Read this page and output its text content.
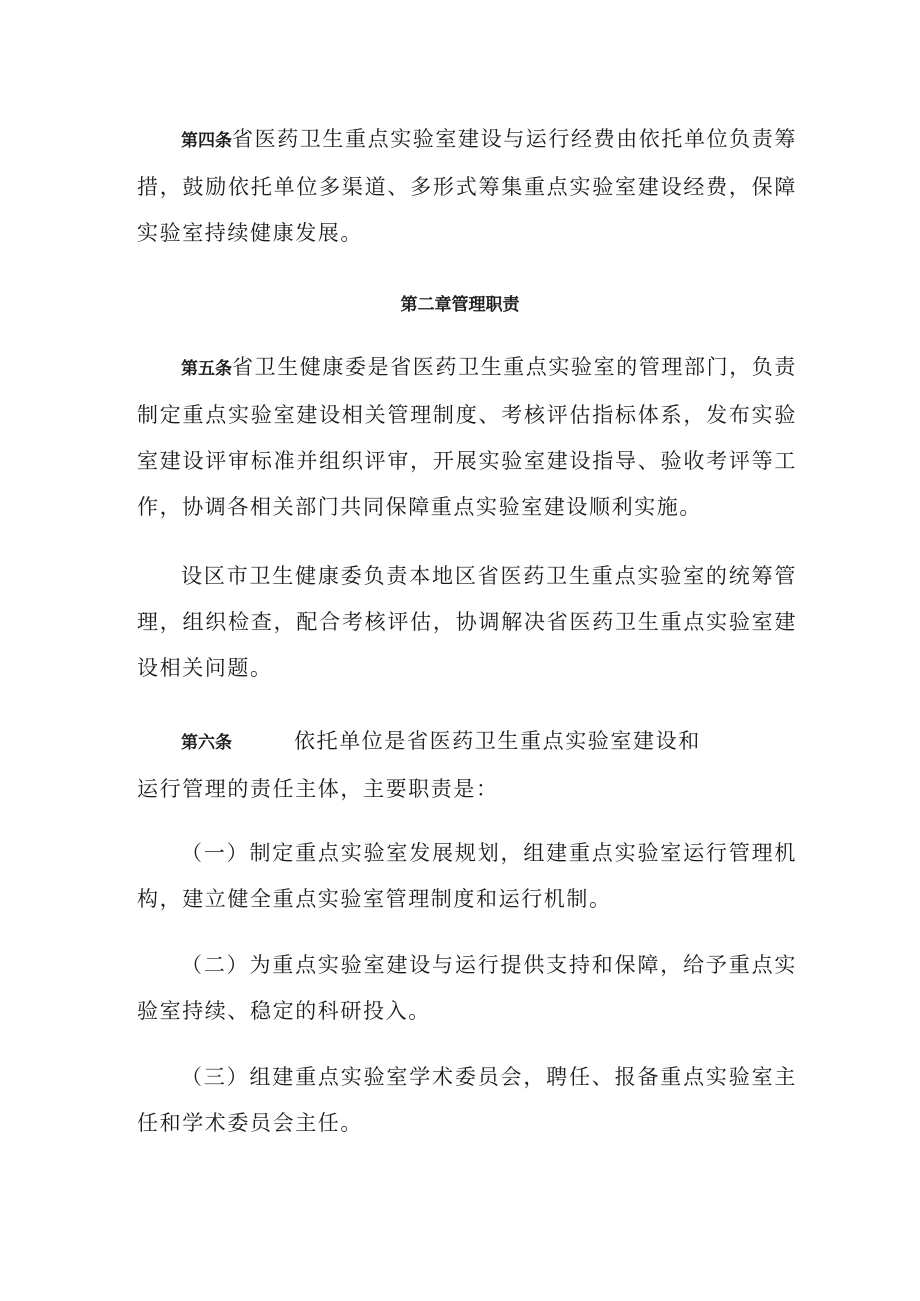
第四条省医药卫生重点实验室建设与运行经费由依托单位负责筹措，鼓励依托单位多渠道、多形式筹集重点实验室建设经费，保障实验室持续健康发展。

第二章管理职责

第五条省卫生健康委是省医药卫生重点实验室的管理部门，负责制定重点实验室建设相关管理制度、考核评估指标体系，发布实验室建设评审标准并组织评审，开展实验室建设指导、验收考评等工作，协调各相关部门共同保障重点实验室建设顺利实施。

设区市卫生健康委负责本地区省医药卫生重点实验室的统筹管理，组织检查，配合考核评估，协调解决省医药卫生重点实验室建设相关问题。

第六条	依托单位是省医药卫生重点实验室建设和
运行管理的责任主体，主要职责是：

（一）制定重点实验室发展规划，组建重点实验室运行管理机构，建立健全重点实验室管理制度和运行机制。

（二）为重点实验室建设与运行提供支持和保障，给予重点实验室持续、稳定的科研投入。

（三）组建重点实验室学术委员会，聘任、报备重点实验室主任和学术委员会主任。
